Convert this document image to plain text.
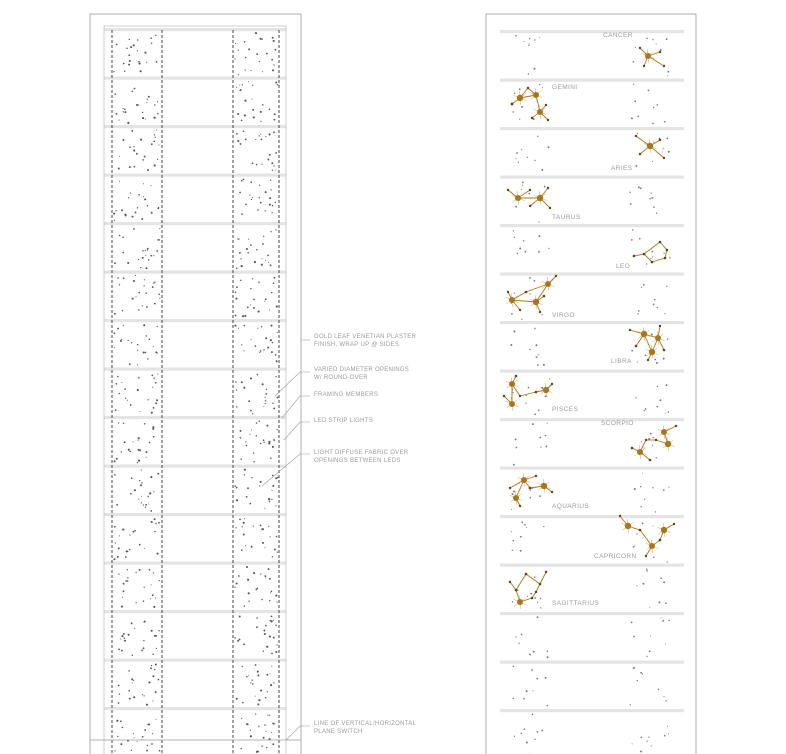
GOLD LEAF VENETIAN PLASTER
FINISH, WRAP UP @ SIDES
VARIED DIAMETER OPENINGS
W/ ROUND-OVER
FRAMING MEMBERS
LED STRIP LIGHTS
LIGHT DIFFUSE FABRIC OVER
OPENINGS BETWEEN LEDS
LINE OF VERTICAL/HORIZONTAL
PLANE SWITCH
CANCER
GEMINI
ARIES
TAURUS
LEO
VIRGO
LIBRA
PISCES
SCORPIO
AQUARIUS
CAPRICORN
SAGITTARIUS
